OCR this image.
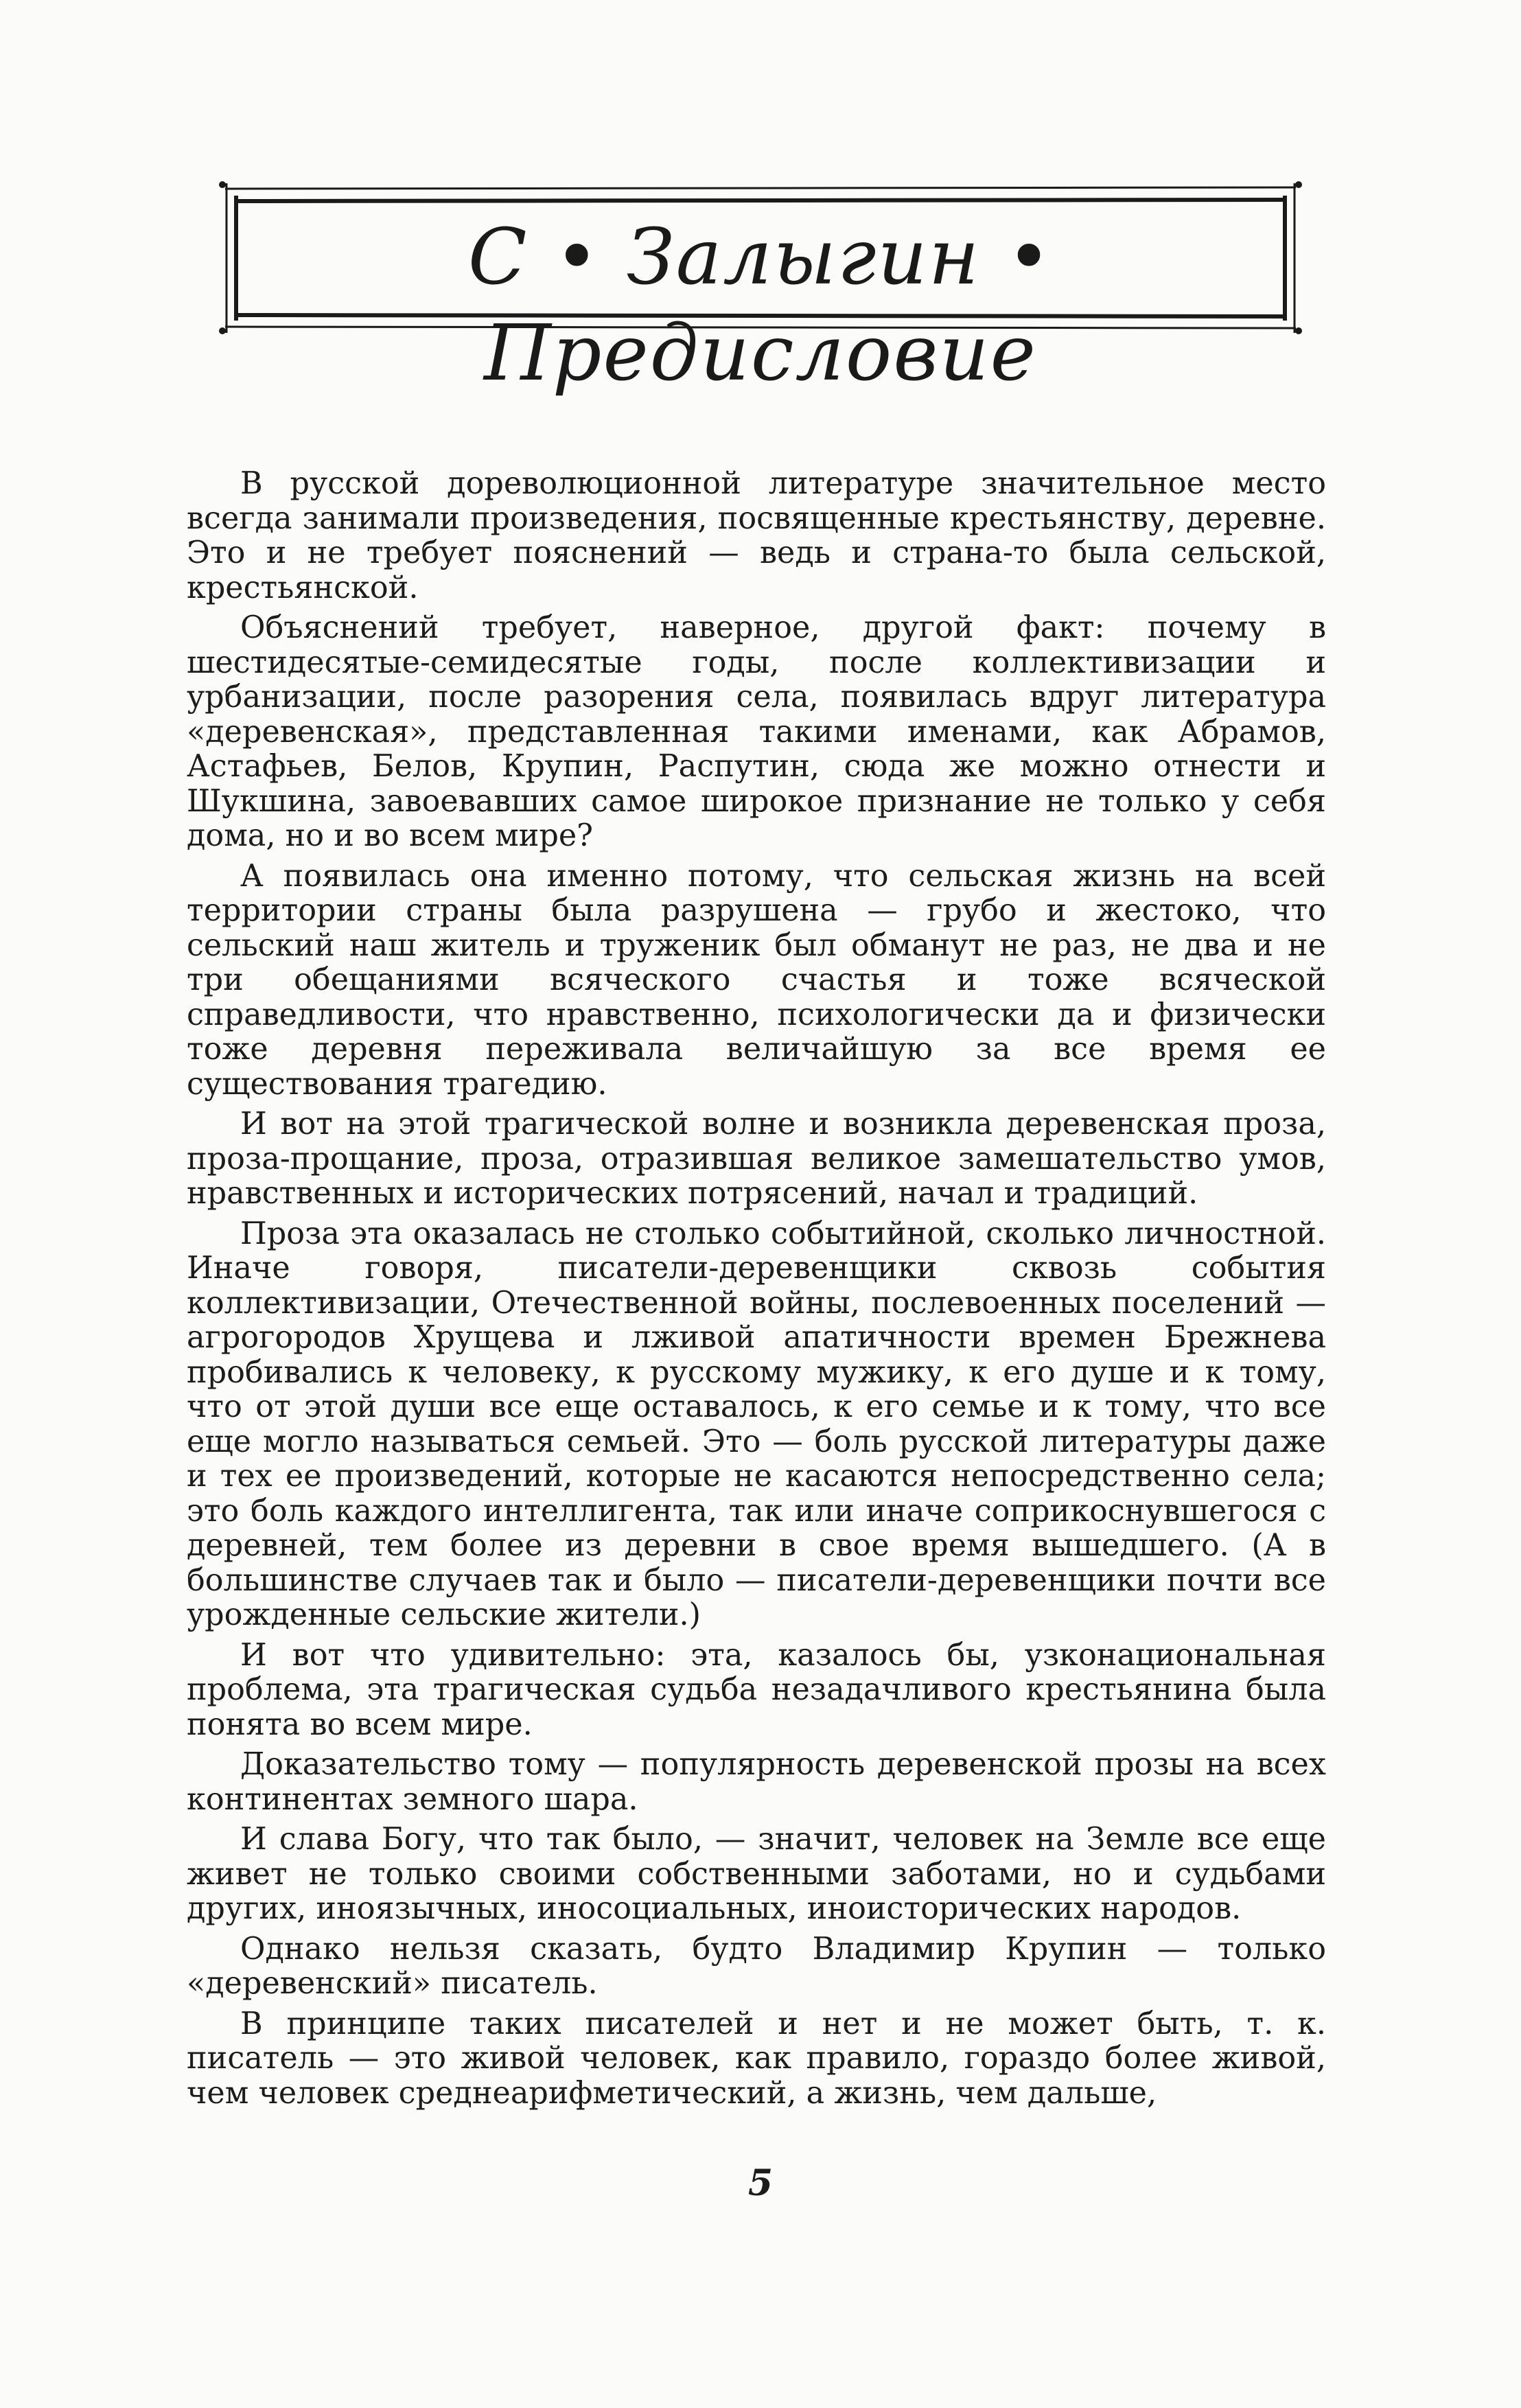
С • Залыгин • Предисловие

В русской дореволюционной литературе значительное место всегда занимали произведения, посвященные крестьянству, деревне. Это и не требует пояснений — ведь и страна-то была сельской, крестьянской.

Объяснений требует, наверное, другой факт: почему в шестидесятые-семидесятые годы, после коллективизации и урбанизации, после разорения села, появилась вдруг литература «деревенская», представленная такими именами, как Абрамов, Астафьев, Белов, Крупин, Распутин, сюда же можно отнести и Шукшина, завоевавших самое широкое признание не только у себя дома, но и во всем мире?

А появилась она именно потому, что сельская жизнь на всей территории страны была разрушена — грубо и жестоко, что сельский наш житель и труженик был обманут не раз, не два и не три обещаниями всяческого счастья и тоже всяческой справедливости, что нравственно, психологически да и физически тоже деревня переживала величайшую за все время ее существования трагедию.

И вот на этой трагической волне и возникла деревенская проза, проза-прощание, проза, отразившая великое замешательство умов, нравственных и исторических потрясений, начал и традиций.

Проза эта оказалась не столько событийной, сколько личностной. Иначе говоря, писатели-деревенщики сквозь события коллективизации, Отечественной войны, послевоенных поселений — агрогородов Хрущева и лживой апатичности времен Брежнева пробивались к человеку, к русскому мужику, к его душе и к тому, что от этой души все еще оставалось, к его семье и к тому, что все еще могло называться семьей. Это — боль русской литературы даже и тех ее произведений, которые не касаются непосредственно села; это боль каждого интеллигента, так или иначе соприкоснувшегося с деревней, тем более из деревни в свое время вышедшего. (А в большинстве случаев так и было — писатели-деревенщики почти все урожденные сельские жители.)

И вот что удивительно: эта, казалось бы, узконациональная проблема, эта трагическая судьба незадачливого крестьянина была понята во всем мире.

Доказательство тому — популярность деревенской прозы на всех континентах земного шара.

И слава Богу, что так было, — значит, человек на Земле все еще живет не только своими собственными заботами, но и судьбами других, иноязычных, иносоциальных, иноисторических народов.

Однако нельзя сказать, будто Владимир Крупин — только «деревенский» писатель.

В принципе таких писателей и нет и не может быть, т. к. писатель — это живой человек, как правило, гораздо более живой, чем человек среднеарифметический, а жизнь, чем дальше,

5
